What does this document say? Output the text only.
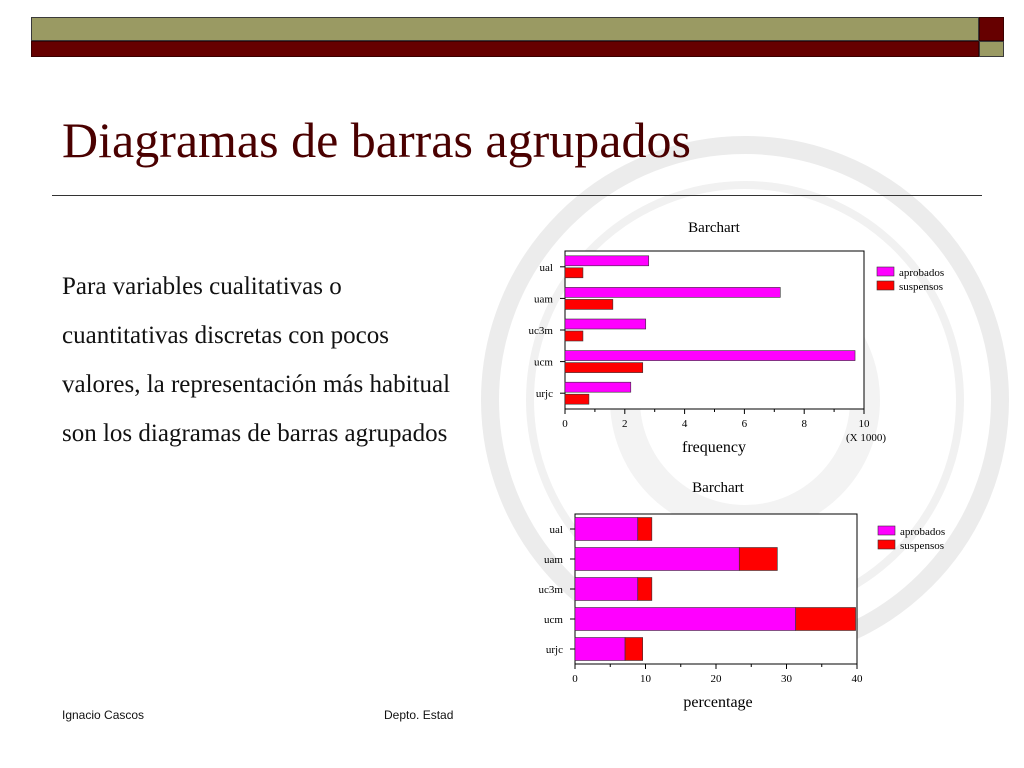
Diagramas de barras agrupados
Para variables cualitativas o cuantitativas discretas con pocos valores, la representación más habitual son los diagramas de barras agrupados
Barchart
ual
uam
uc3m
ucm
urjc
0	2	4	6	8	10
frequency
(X 1000)
aprobados
suspensos
Barchart
ual
uam
uc3m
ucm
urjc
0	10	20	30	40
percentage
aprobados
suspensos
Ignacio Cascos	Depto. Estad
